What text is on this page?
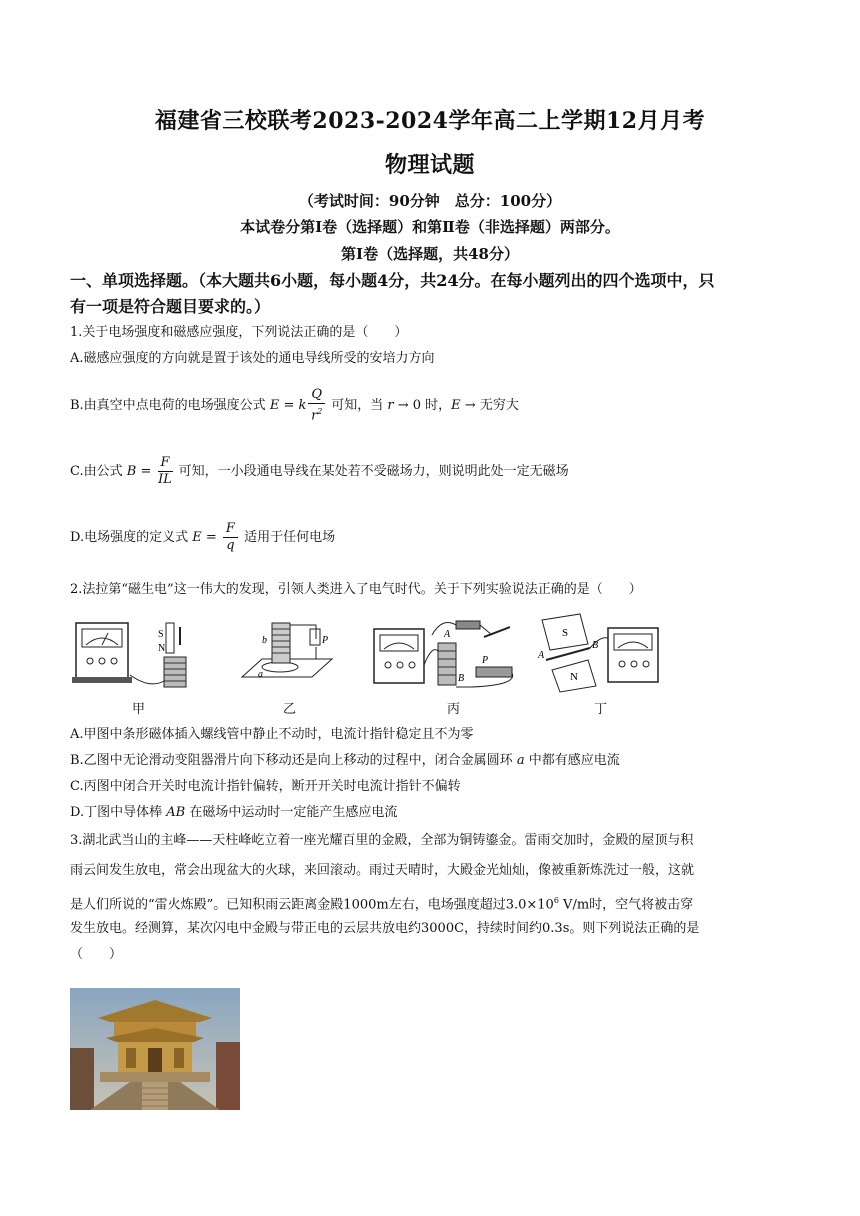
福建省三校联考2023-2024学年高二上学期12月月考
物理试题
（考试时间：90分钟　总分：100分）
本试卷分第Ⅰ卷（选择题）和第Ⅱ卷（非选择题）两部分。
第Ⅰ卷（选择题，共48分）
一、单项选择题。（本大题共6小题，每小题4分，共24分。在每小题列出的四个选项中，只
有一项是符合题目要求的。）
1.关于电场强度和磁感应强度，下列说法正确的是（　　）
A.磁感应强度的方向就是置于该处的通电导线所受的安培力方向
B.由真空中点电荷的电场强度公式 E = k $\frac{Q}{r^2}$ 可知，当 r → 0 时，E → 无穷大
C.由公式 $B = \frac{F}{IL}$ 可知，一小段通电导线在某处若不受磁场力，则说明此处一定无磁场
D.电场强度的定义式 $E = \frac{F}{q}$ 适用于任何电场
2.法拉第“磁生电”这一伟大的发现，引领人类进入了电气时代。关于下列实验说法正确的是（　　）
S
N
甲
a
b	P
乙
A
B
P
丙
S
N
A
B
丁
A.甲图中条形磁体插入螺线管中静止不动时，电流计指针稳定且不为零
B.乙图中无论滑动变阻器滑片向下移动还是向上移动的过程中，闭合金属圆环 a 中都有感应电流
C.丙图中闭合开关时电流计指针偏转，断开开关时电流计指针不偏转
D.丁图中导体棒 AB 在磁场中运动时一定能产生感应电流
3.湖北武当山的主峰——天柱峰屹立着一座光耀百里的金殿，全部为铜铸鎏金。雷雨交加时，金殿的屋顶与积
雨云间发生放电，常会出现盆大的火球，来回滚动。雨过天晴时，大殿金光灿灿，像被重新炼洗过一般，这就
是人们所说的“雷火炼殿”。已知积雨云距离金殿1000m左右，电场强度超过$3.0\times 10^6$ V/m时，空气将被击穿
发生放电。经测算，某次闪电中金殿与带正电的云层共放电约3000C，持续时间约0.3s。则下列说法正确的是
（　　）
